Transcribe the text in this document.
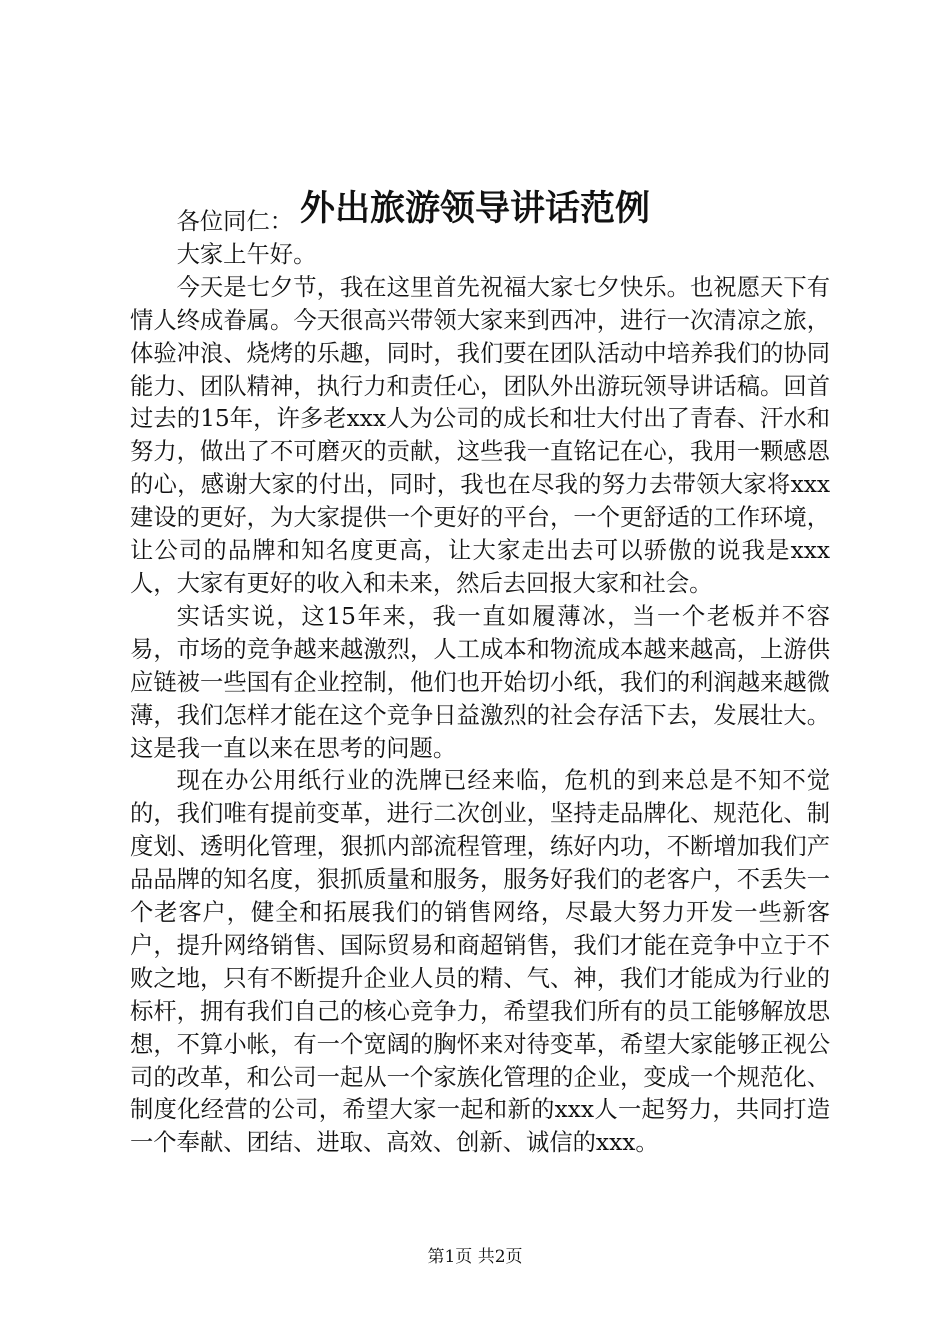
外出旅游领导讲话范例

各位同仁：

大家上午好。

今天是七夕节，我在这里首先祝福大家七夕快乐。也祝愿天下有情人终成眷属。今天很高兴带领大家来到西冲，进行一次清凉之旅，体验冲浪、烧烤的乐趣，同时，我们要在团队活动中培养我们的协同能力、团队精神，执行力和责任心，团队外出游玩领导讲话稿。回首过去的15年，许多老xxx人为公司的成长和壮大付出了青春、汗水和努力，做出了不可磨灭的贡献，这些我一直铭记在心，我用一颗感恩的心，感谢大家的付出，同时，我也在尽我的努力去带领大家将xxx建设的更好，为大家提供一个更好的平台，一个更舒适的工作环境，让公司的品牌和知名度更高，让大家走出去可以骄傲的说我是xxx人，大家有更好的收入和未来，然后去回报大家和社会。

实话实说，这15年来，我一直如履薄冰，当一个老板并不容易，市场的竞争越来越激烈，人工成本和物流成本越来越高，上游供应链被一些国有企业控制，他们也开始切小纸，我们的利润越来越微薄，我们怎样才能在这个竞争日益激烈的社会存活下去，发展壮大。这是我一直以来在思考的问题。

现在办公用纸行业的洗牌已经来临，危机的到来总是不知不觉的，我们唯有提前变革，进行二次创业，坚持走品牌化、规范化、制度划、透明化管理，狠抓内部流程管理，练好内功，不断增加我们产品品牌的知名度，狠抓质量和服务，服务好我们的老客户，不丢失一个老客户，健全和拓展我们的销售网络，尽最大努力开发一些新客户，提升网络销售、国际贸易和商超销售，我们才能在竞争中立于不败之地，只有不断提升企业人员的精、气、神，我们才能成为行业的标杆，拥有我们自己的核心竞争力，希望我们所有的员工能够解放思想，不算小帐，有一个宽阔的胸怀来对待变革，希望大家能够正视公司的改革，和公司一起从一个家族化管理的企业，变成一个规范化、制度化经营的公司，希望大家一起和新的xxx人一起努力，共同打造一个奉献、团结、进取、高效、创新、诚信的xxx。

第1页 共2页
